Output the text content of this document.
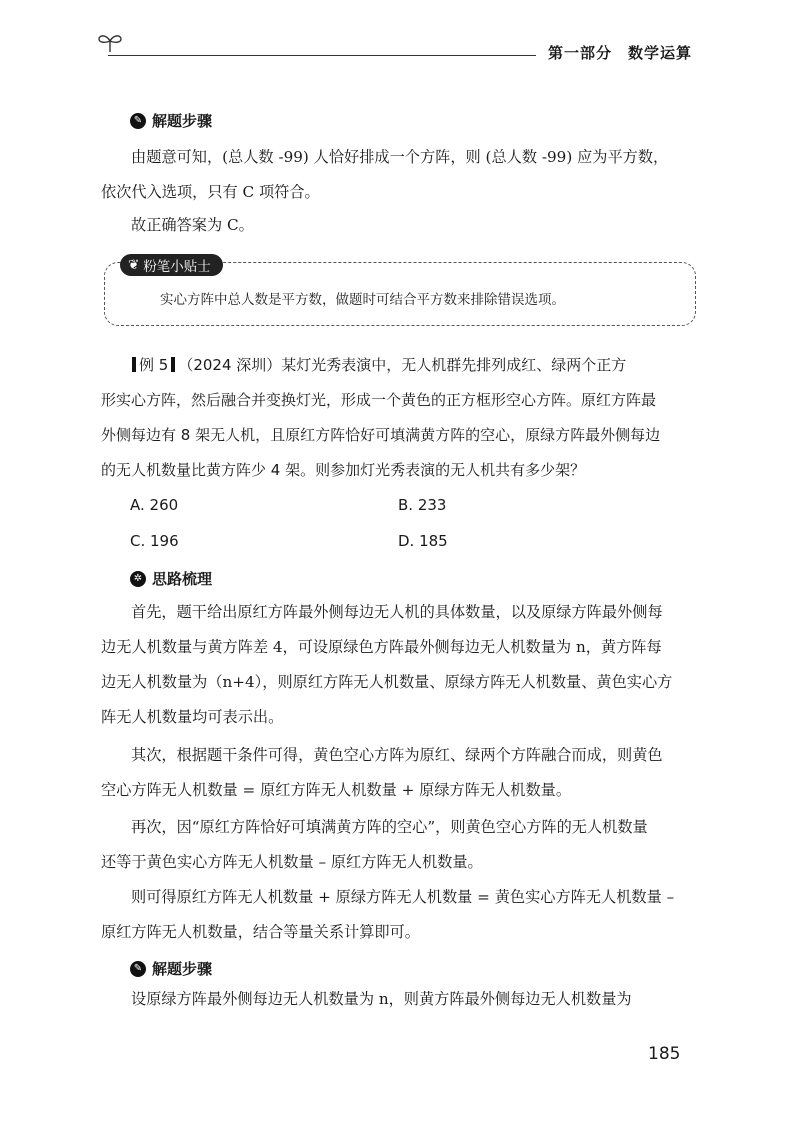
第一部分　数学运算
✎ 解题步骤
由题意可知，(总人数 -99) 人恰好排成一个方阵，则 (总人数 -99) 应为平方数，
依次代入选项，只有 C 项符合。
故正确答案为 C。
❦ 粉笔小贴士
实心方阵中总人数是平方数，做题时可结合平方数来排除错误选项。
例 5 （2024 深圳）某灯光秀表演中，无人机群先排列成红、绿两个正方
形实心方阵，然后融合并变换灯光，形成一个黄色的正方框形空心方阵。原红方阵最
外侧每边有 8 架无人机，且原红方阵恰好可填满黄方阵的空心，原绿方阵最外侧每边
的无人机数量比黄方阵少 4 架。则参加灯光秀表演的无人机共有多少架？
A. 260	B. 233
C. 196	D. 185
✲ 思路梳理
首先，题干给出原红方阵最外侧每边无人机的具体数量，以及原绿方阵最外侧每
边无人机数量与黄方阵差 4，可设原绿色方阵最外侧每边无人机数量为 n，黄方阵每
边无人机数量为（n+4），则原红方阵无人机数量、原绿方阵无人机数量、黄色实心方
阵无人机数量均可表示出。
其次，根据题干条件可得，黄色空心方阵为原红、绿两个方阵融合而成，则黄色
空心方阵无人机数量 = 原红方阵无人机数量 + 原绿方阵无人机数量。
再次，因“原红方阵恰好可填满黄方阵的空心”，则黄色空心方阵的无人机数量
还等于黄色实心方阵无人机数量 – 原红方阵无人机数量。
则可得原红方阵无人机数量 + 原绿方阵无人机数量 = 黄色实心方阵无人机数量 –
原红方阵无人机数量，结合等量关系计算即可。
✎ 解题步骤
设原绿方阵最外侧每边无人机数量为 n，则黄方阵最外侧每边无人机数量为
185
